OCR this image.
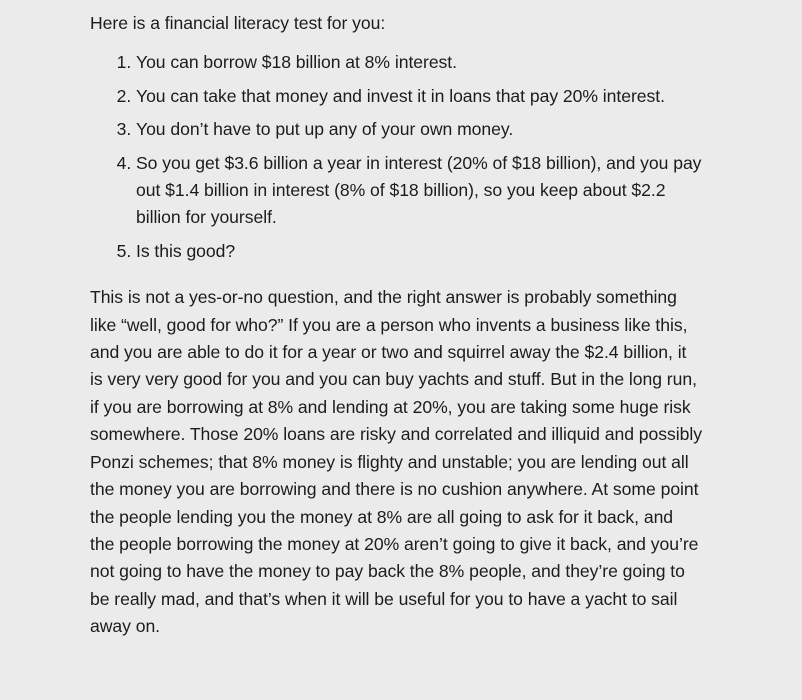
Here is a financial literacy test for you:

1. You can borrow $18 billion at 8% interest.
2. You can take that money and invest it in loans that pay 20% interest.
3. You don’t have to put up any of your own money.
4. So you get $3.6 billion a year in interest (20% of $18 billion), and you pay out $1.4 billion in interest (8% of $18 billion), so you keep about $2.2 billion for yourself.
5. Is this good?

This is not a yes-or-no question, and the right answer is probably something like “well, good for who?” If you are a person who invents a business like this, and you are able to do it for a year or two and squirrel away the $2.4 billion, it is very very good for you and you can buy yachts and stuff. But in the long run, if you are borrowing at 8% and lending at 20%, you are taking some huge risk somewhere. Those 20% loans are risky and correlated and illiquid and possibly Ponzi schemes; that 8% money is flighty and unstable; you are lending out all the money you are borrowing and there is no cushion anywhere. At some point the people lending you the money at 8% are all going to ask for it back, and the people borrowing the money at 20% aren’t going to give it back, and you’re not going to have the money to pay back the 8% people, and they’re going to be really mad, and that’s when it will be useful for you to have a yacht to sail away on.
